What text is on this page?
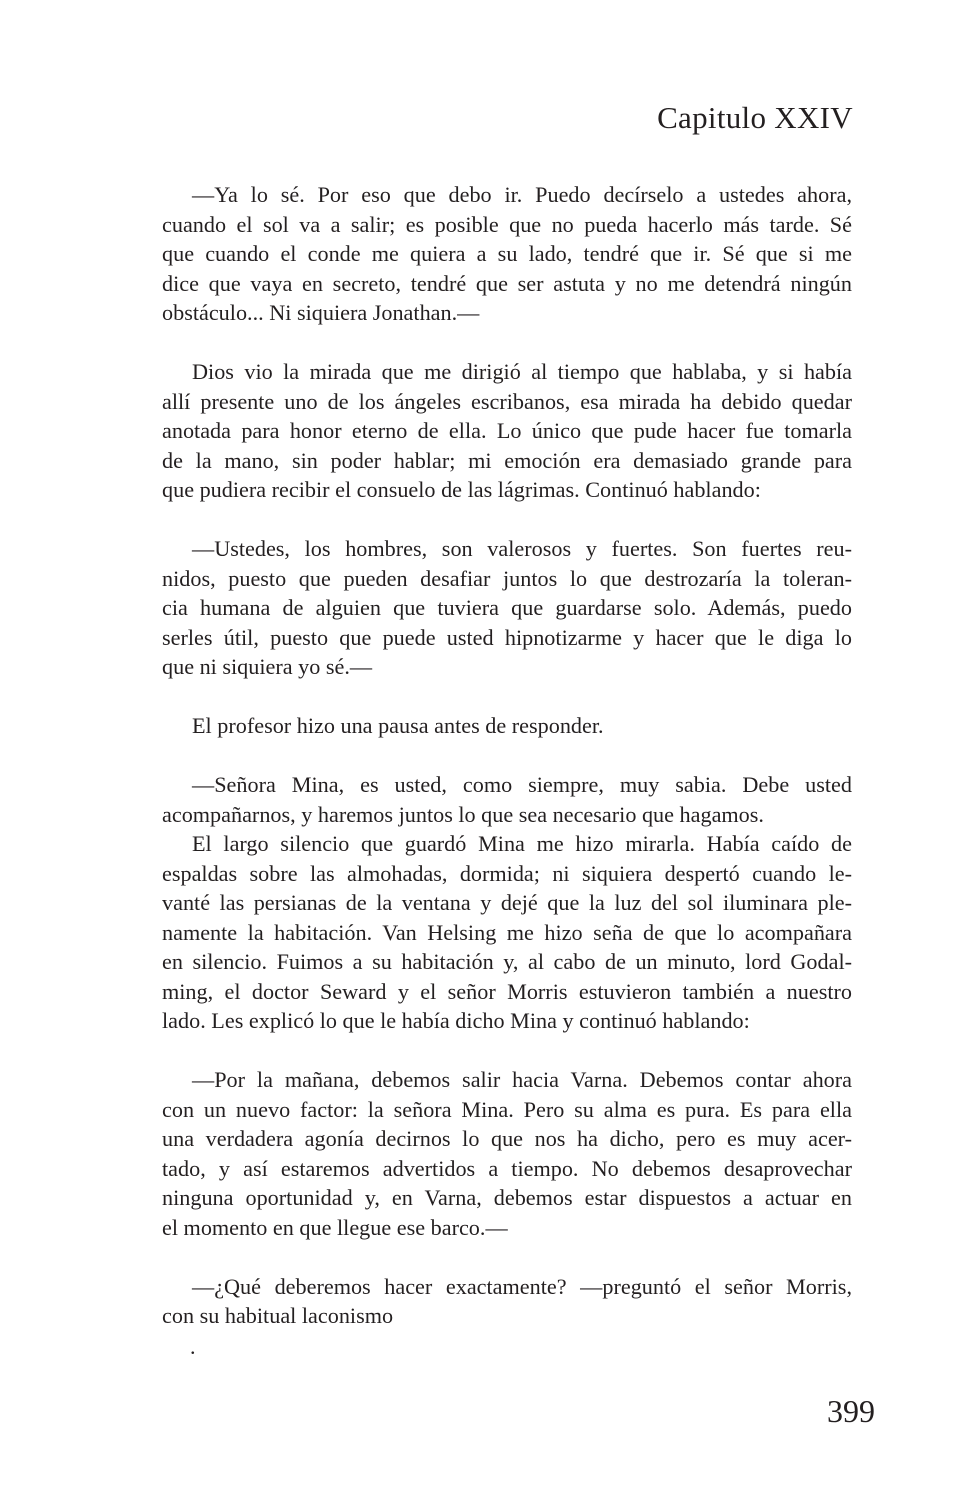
Capitulo XXIV
—Ya lo sé. Por eso que debo ir. Puedo decírselo a ustedes ahora,
cuando el sol va a salir; es posible que no pueda hacerlo más tarde. Sé
que cuando el conde me quiera a su lado, tendré que ir. Sé que si me
dice que vaya en secreto, tendré que ser astuta y no me detendrá ningún
obstáculo... Ni siquiera Jonathan.—
Dios vio la mirada que me dirigió al tiempo que hablaba, y si había
allí presente uno de los ángeles escribanos, esa mirada ha debido quedar
anotada para honor eterno de ella. Lo único que pude hacer fue tomarla
de la mano, sin poder hablar; mi emoción era demasiado grande para
que pudiera recibir el consuelo de las lágrimas. Continuó hablando:
—Ustedes, los hombres, son valerosos y fuertes. Son fuertes reu-
nidos, puesto que pueden desafiar juntos lo que destrozaría la toleran-
cia humana de alguien que tuviera que guardarse solo. Además, puedo
serles útil, puesto que puede usted hipnotizarme y hacer que le diga lo
que ni siquiera yo sé.—
El profesor hizo una pausa antes de responder.
—Señora Mina, es usted, como siempre, muy sabia. Debe usted
acompañarnos, y haremos juntos lo que sea necesario que hagamos.
El largo silencio que guardó Mina me hizo mirarla. Había caído de
espaldas sobre las almohadas, dormida; ni siquiera despertó cuando le-
vanté las persianas de la ventana y dejé que la luz del sol iluminara ple-
namente la habitación. Van Helsing me hizo seña de que lo acompañara
en silencio. Fuimos a su habitación y, al cabo de un minuto, lord Godal-
ming, el doctor Seward y el señor Morris estuvieron también a nuestro
lado. Les explicó lo que le había dicho Mina y continuó hablando:
—Por la mañana, debemos salir hacia Varna. Debemos contar ahora
con un nuevo factor: la señora Mina. Pero su alma es pura. Es para ella
una verdadera agonía decirnos lo que nos ha dicho, pero es muy acer-
tado, y así estaremos advertidos a tiempo. No debemos desaprovechar
ninguna oportunidad y, en Varna, debemos estar dispuestos a actuar en
el momento en que llegue ese barco.—
—¿Qué deberemos hacer exactamente? —preguntó el señor Morris,
con su habitual laconismo
.
399
